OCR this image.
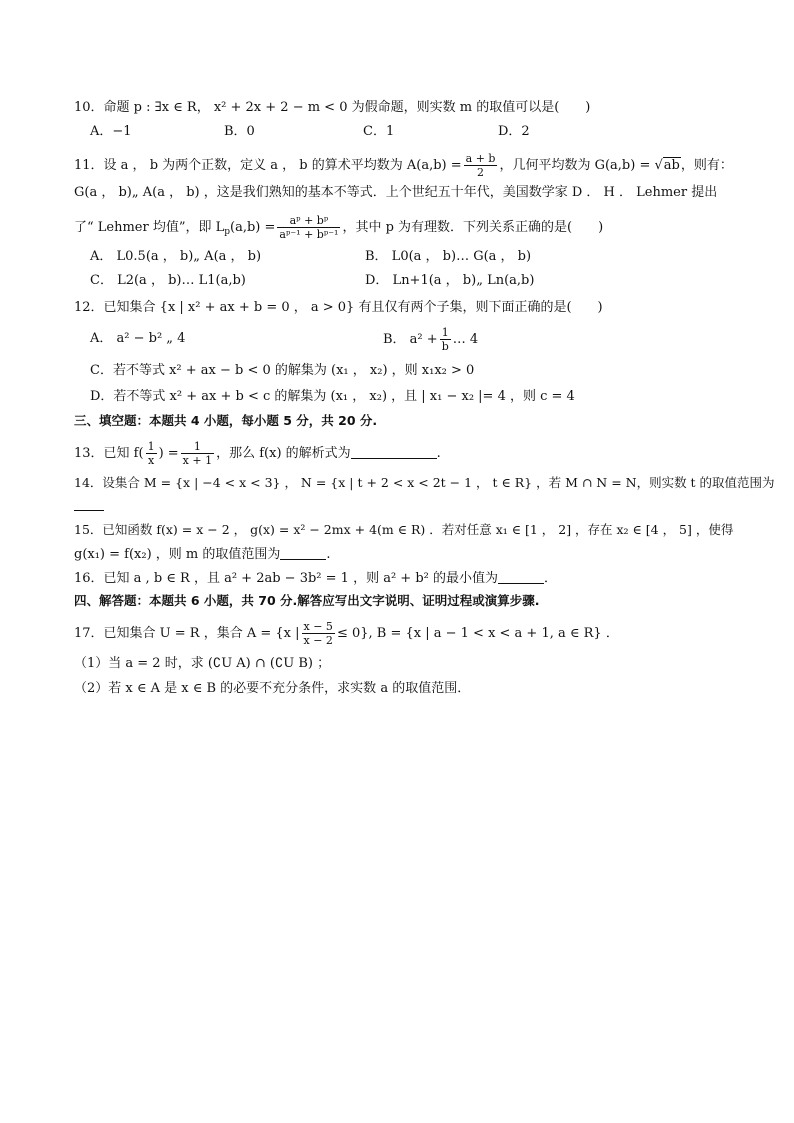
10．命题 p : ∃x ∈ R， x² + 2x + 2 − m < 0 为假命题，则实数 m 的取值可以是(　　)
A．−1	B．0	C．1	D．2
11．设 a ， b 为两个正数，定义 a ， b 的算术平均数为 $A(a,b) = \frac{a + b}{2}$ ，几何平均数为 G(a,b) = √ab，则有：
G(a ， b)„ A(a ， b) ，这是我们熟知的基本不等式．上个世纪五十年代，美国数学家 D ． H ． Lehmer 提出
了“ Lehmer 均值”，即 $L_p(a,b) = \frac{\text{aᵖ + bᵖ}}{\text{aᵖ⁻¹ + bᵖ⁻¹}}$ ，其中 p 为有理数．下列关系正确的是(　　)
A． L0.5(a ， b)„ A(a ， b)	B． L0(a ， b)… G(a ， b)
C． L2(a ， b)… L1(a,b)	D． Ln+1(a ， b)„ Ln(a,b)
12．已知集合 {x | x² + ax + b = 0 ， a > 0} 有且仅有两个子集，则下面正确的是(　　)
A． a² − b² „ 4	B． $a^2 + \frac{1}{b}$ … 4
C．若不等式 x² + ax − b < 0 的解集为 (x₁ ， x₂) ，则 x₁x₂ > 0
D．若不等式 x² + ax + b < c 的解集为 (x₁ ， x₂) ，且 | x₁ − x₂ |= 4 ，则 c = 4
三、填空题：本题共 4 小题，每小题 5 分，共 20 分.
13．已知 $f( \frac{1}{x}$ ) = $\frac{1}{x + 1}$ ，那么 f(x) 的解析式为	.
14．设集合 M = {x | −4 < x < 3} ， N = {x | t + 2 < x < 2t − 1 ， t ∈ R} ，若 M ∩ N = N，则实数 t 的取值范围为
15．已知函数 f(x) = x − 2 ， g(x) = x² − 2mx + 4(m ∈ R) ．若对任意 x₁ ∈ [1 ， 2] ，存在 x₂ ∈ [4 ， 5] ，使得
g(x₁) = f(x₂) ，则 m 的取值范围为	.
16．已知 a , b ∈ R ，且 a² + 2ab − 3b² = 1 ，则 a² + b² 的最小值为	．
四、解答题：本题共 6 小题，共 70 分.解答应写出文字说明、证明过程或演算步骤.
17．已知集合 U = R ，集合 A = {x | $\frac{x - 5}{x - 2} \le 0$}, B = {x | a − 1 < x < a + 1, a ∈ R} ．
（1）当 a = 2 时，求 (∁U A) ∩ (∁U B) ；
（2）若 x ∈ A 是 x ∈ B 的必要不充分条件，求实数 a 的取值范围．
